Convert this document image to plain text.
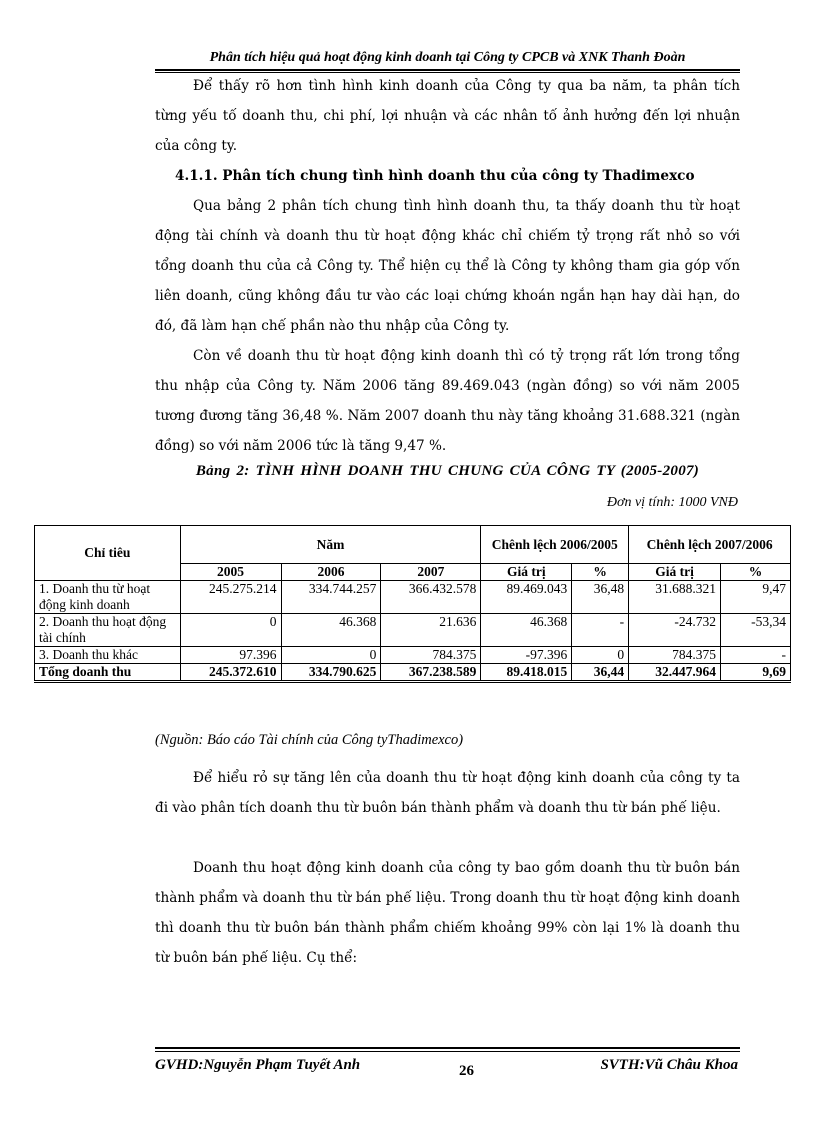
Phân tích hiệu quả hoạt động kinh doanh tại Công ty CPCB và XNK Thanh Đoàn

Để thấy rõ hơn tình hình kinh doanh của Công ty qua ba năm, ta phân tích từng yếu tố doanh thu, chi phí, lợi nhuận và các nhân tố ảnh hưởng đến lợi nhuận của công ty.

4.1.1. Phân tích chung tình hình doanh thu của công ty Thadimexco

Qua bảng 2 phân tích chung tình hình doanh thu, ta thấy doanh thu từ hoạt động tài chính và doanh thu từ hoạt động khác chỉ chiếm tỷ trọng rất nhỏ so với tổng doanh thu của cả Công ty. Thể hiện cụ thể là Công ty không tham gia góp vốn liên doanh, cũng không đầu tư vào các loại chứng khoán ngắn hạn hay dài hạn, do đó, đã làm hạn chế phần nào thu nhập của Công ty.

Còn về doanh thu từ hoạt động kinh doanh thì có tỷ trọng rất lớn trong tổng thu nhập của Công ty. Năm 2006 tăng 89.469.043 (ngàn đồng) so với năm 2005 tương đương tăng 36,48 %. Năm 2007 doanh thu này tăng khoảng 31.688.321 (ngàn đồng) so với năm 2006 tức là tăng 9,47 %.

Bảng 2: TÌNH HÌNH DOANH THU CHUNG CỦA CÔNG TY (2005-2007)
Đơn vị tính: 1000 VNĐ
Chỉ tiêu	Năm			Chênh lệch 2006/2005		Chênh lệch 2007/2006	
	2005	2006	2007	Giá trị	%	Giá trị	%
1. Doanh thu từ hoạt động kinh doanh	245.275.214	334.744.257	366.432.578	89.469.043	36,48	31.688.321	9,47
2. Doanh thu hoạt động tài chính	0	46.368	21.636	46.368	-	-24.732	-53,34
3. Doanh thu khác	97.396	0	784.375	-97.396	0	784.375	-
Tổng doanh thu	245.372.610	334.790.625	367.238.589	89.418.015	36,44	32.447.964	9,69
(Nguồn: Báo cáo Tài chính của Công tyThadimexco)

Để hiểu rỏ sự tăng lên của doanh thu từ hoạt động kinh doanh của công ty ta đi vào phân tích doanh thu từ buôn bán thành phẩm và doanh thu từ bán phế liệu.

Doanh thu hoạt động kinh doanh của công ty bao gồm doanh thu từ buôn bán thành phẩm và doanh thu từ bán phế liệu. Trong doanh thu từ hoạt động kinh doanh thì doanh thu từ buôn bán thành phẩm chiếm khoảng 99% còn lại 1% là doanh thu từ buôn bán phế liệu. Cụ thể:

GVHD:Nguyễn Phạm Tuyết Anh	26	SVTH:Vũ Châu Khoa
